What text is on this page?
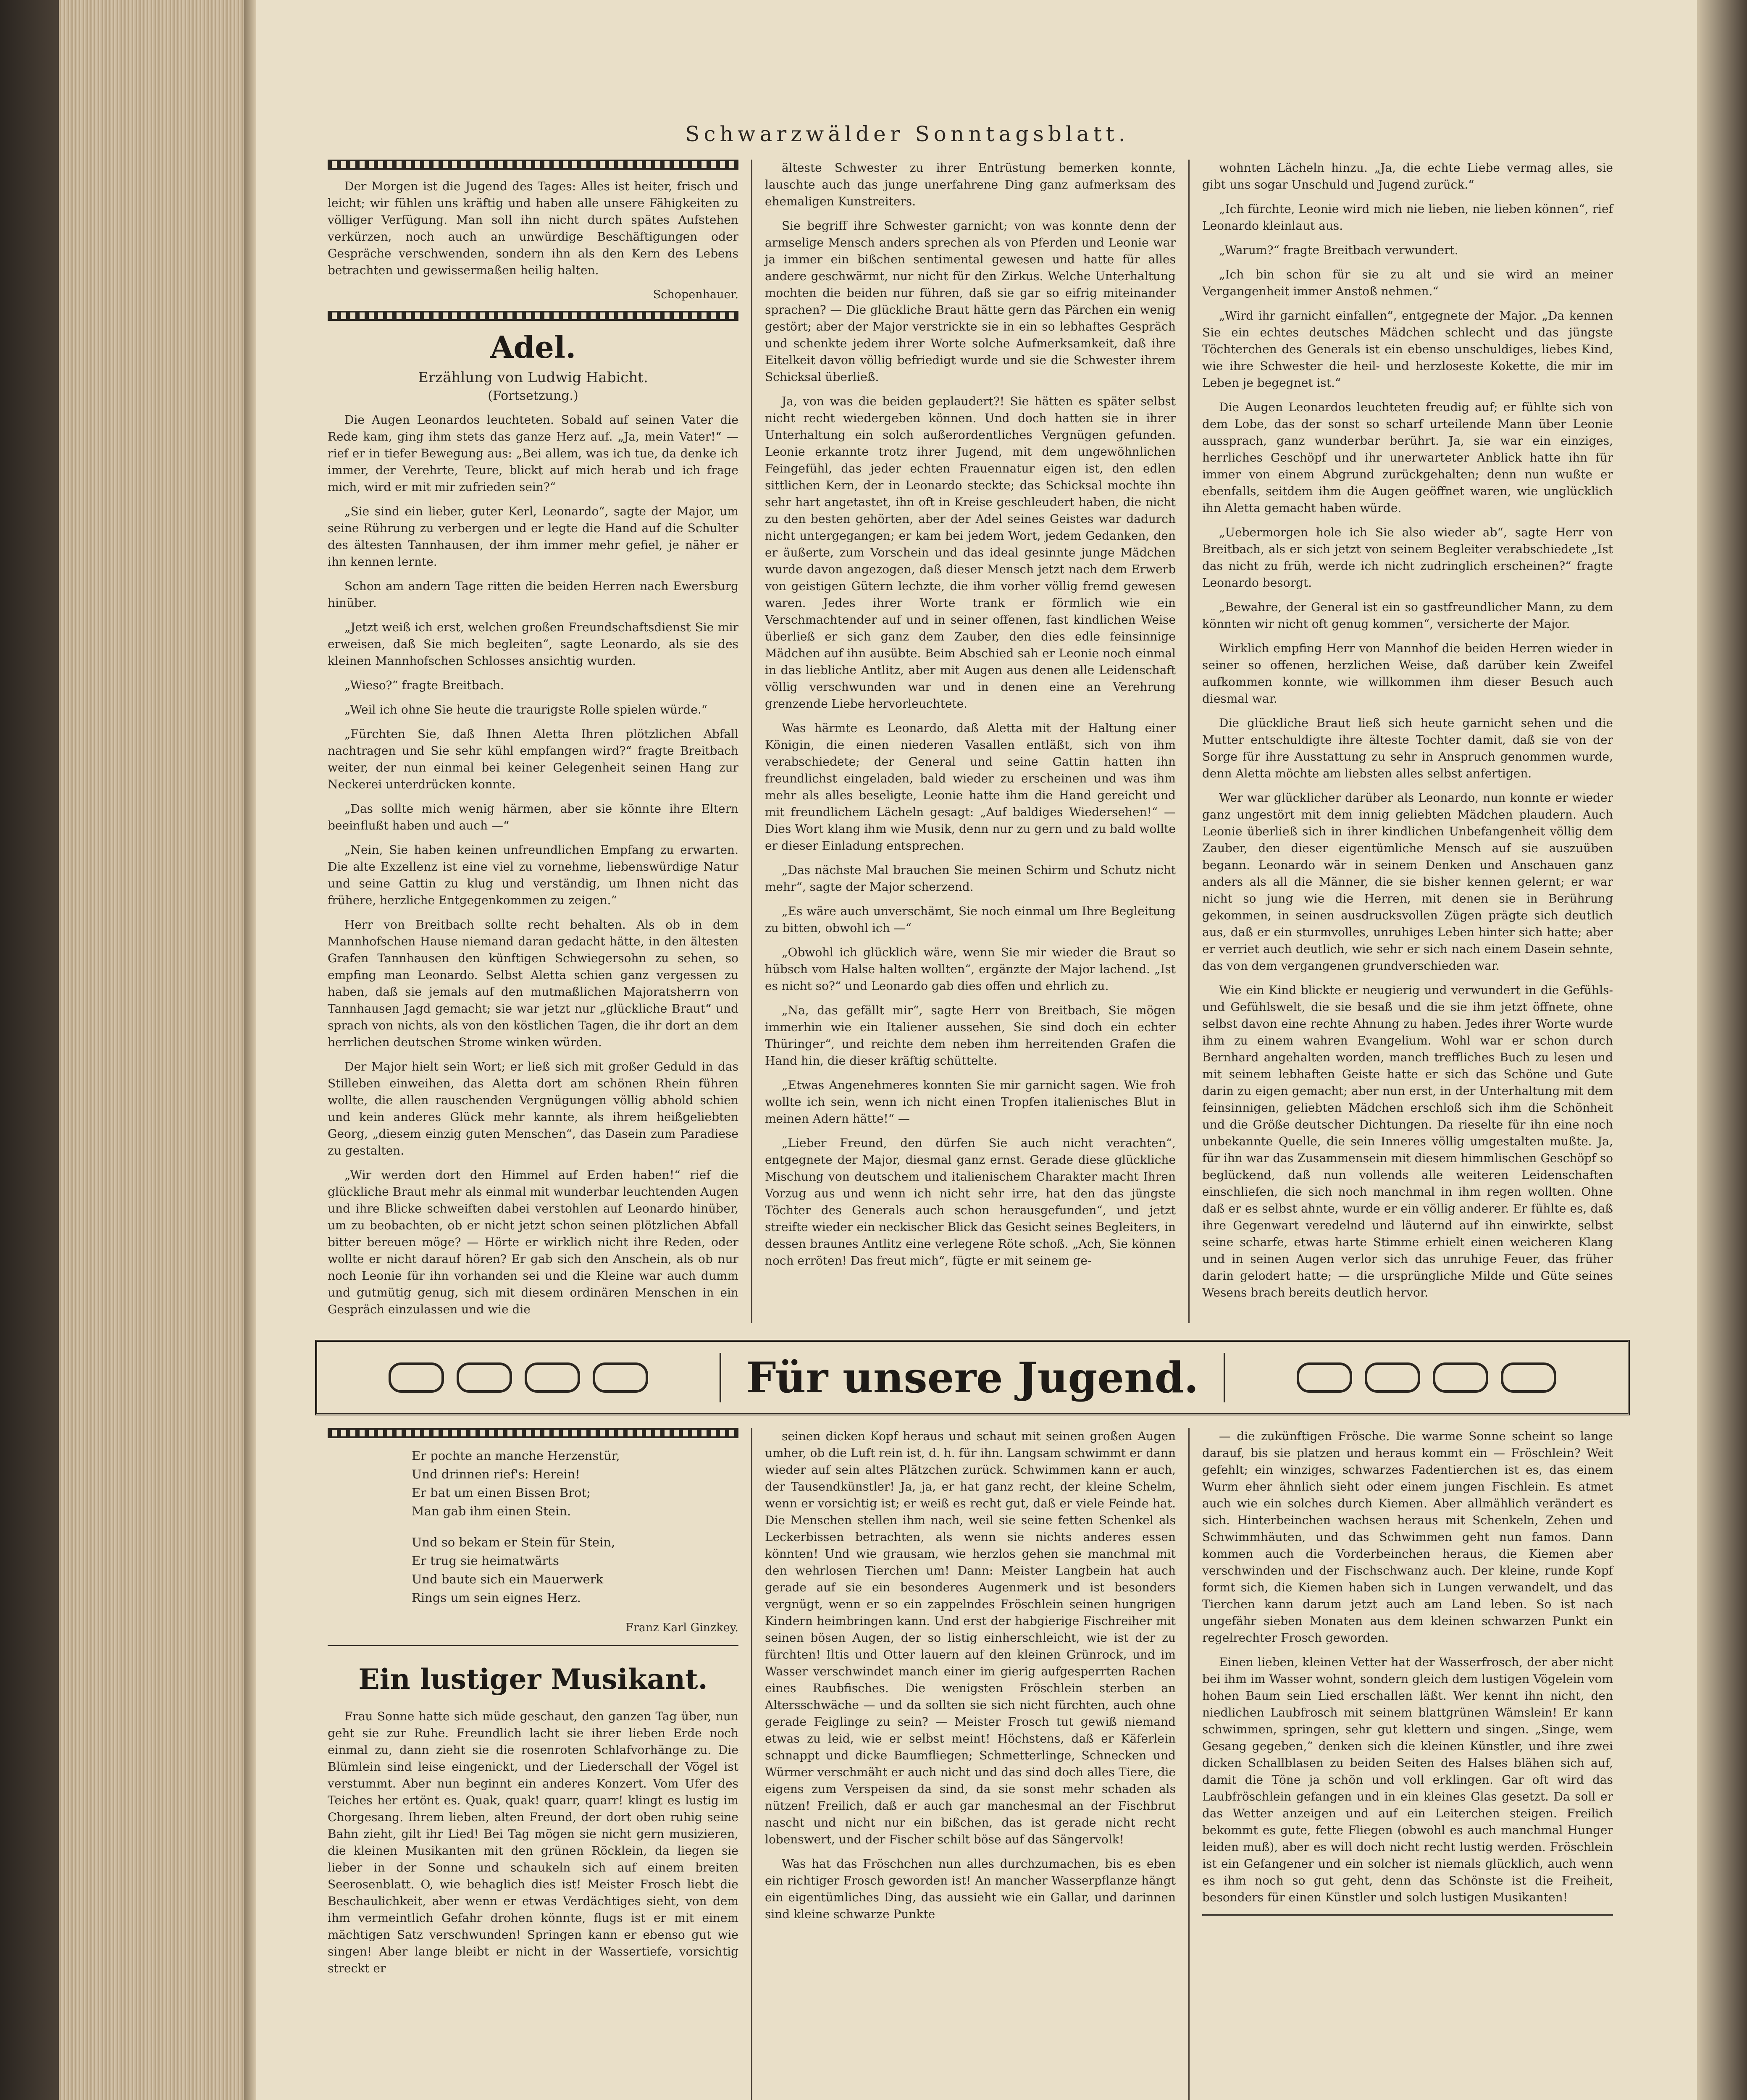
Schwarzwälder Sonntagsblatt.

Der Morgen ist die Jugend des Tages: Alles ist heiter, frisch und leicht; wir fühlen uns kräftig und haben alle unsere Fähigkeiten zu völliger Verfügung. Man soll ihn nicht durch spätes Aufstehen verkürzen, noch auch an unwürdige Beschäftigungen oder Gespräche verschwenden, sondern ihn als den Kern des Lebens betrachten und gewissermaßen heilig halten.

Schopenhauer.

Adel.
Erzählung von Ludwig Habicht.
(Fortsetzung.)

Die Augen Leonardos leuchteten. Sobald auf seinen Vater die Rede kam, ging ihm stets das ganze Herz auf. „Ja, mein Vater!“ — rief er in tiefer Bewegung aus: „Bei allem, was ich tue, da denke ich immer, der Verehrte, Teure, blickt auf mich herab und ich frage mich, wird er mit mir zufrieden sein?“

„Sie sind ein lieber, guter Kerl, Leonardo“, sagte der Major, um seine Rührung zu verbergen und er legte die Hand auf die Schulter des ältesten Tannhausen, der ihm immer mehr gefiel, je näher er ihn kennen lernte.

Schon am andern Tage ritten die beiden Herren nach Ewersburg hinüber.

„Jetzt weiß ich erst, welchen großen Freundschaftsdienst Sie mir erweisen, daß Sie mich begleiten“, sagte Leonardo, als sie des kleinen Mannhofschen Schlosses ansichtig wurden.

„Wieso?“ fragte Breitbach.

„Weil ich ohne Sie heute die traurigste Rolle spielen würde.“

„Fürchten Sie, daß Ihnen Aletta Ihren plötzlichen Abfall nachtragen und Sie sehr kühl empfangen wird?“ fragte Breitbach weiter, der nun einmal bei keiner Gelegenheit seinen Hang zur Neckerei unterdrücken konnte.

„Das sollte mich wenig härmen, aber sie könnte ihre Eltern beeinflußt haben und auch —“

„Nein, Sie haben keinen unfreundlichen Empfang zu erwarten. Die alte Exzellenz ist eine viel zu vornehme, liebenswürdige Natur und seine Gattin zu klug und verständig, um Ihnen nicht das frühere, herzliche Entgegenkommen zu zeigen.“

Herr von Breitbach sollte recht behalten. Als ob in dem Mannhofschen Hause niemand daran gedacht hätte, in den ältesten Grafen Tannhausen den künftigen Schwiegersohn zu sehen, so empfing man Leonardo. Selbst Aletta schien ganz vergessen zu haben, daß sie jemals auf den mutmaßlichen Majoratsherrn von Tannhausen Jagd gemacht; sie war jetzt nur „glückliche Braut“ und sprach von nichts, als von den köstlichen Tagen, die ihr dort an dem herrlichen deutschen Strome winken würden.

Der Major hielt sein Wort; er ließ sich mit großer Geduld in das Stilleben einweihen, das Aletta dort am schönen Rhein führen wollte, die allen rauschenden Vergnügungen völlig abhold schien und kein anderes Glück mehr kannte, als ihrem heißgeliebten Georg, „diesem einzig guten Menschen“, das Dasein zum Paradiese zu gestalten.

„Wir werden dort den Himmel auf Erden haben!“ rief die glückliche Braut mehr als einmal mit wunderbar leuchtenden Augen und ihre Blicke schweiften dabei verstohlen auf Leonardo hinüber, um zu beobachten, ob er nicht jetzt schon seinen plötzlichen Abfall bitter bereuen möge? — Hörte er wirklich nicht ihre Reden, oder wollte er nicht darauf hören? Er gab sich den Anschein, als ob nur noch Leonie für ihn vorhanden sei und die Kleine war auch dumm und gutmütig genug, sich mit diesem ordinären Menschen in ein Gespräch einzulassen und wie die

älteste Schwester zu ihrer Entrüstung bemerken konnte, lauschte auch das junge unerfahrene Ding ganz aufmerksam des ehemaligen Kunstreiters.

Sie begriff ihre Schwester garnicht; von was konnte denn der armselige Mensch anders sprechen als von Pferden und Leonie war ja immer ein bißchen sentimental gewesen und hatte für alles andere geschwärmt, nur nicht für den Zirkus. Welche Unterhaltung mochten die beiden nur führen, daß sie gar so eifrig miteinander sprachen? — Die glückliche Braut hätte gern das Pärchen ein wenig gestört; aber der Major verstrickte sie in ein so lebhaftes Gespräch und schenkte jedem ihrer Worte solche Aufmerksamkeit, daß ihre Eitelkeit davon völlig befriedigt wurde und sie die Schwester ihrem Schicksal überließ.

Ja, von was die beiden geplaudert?! Sie hätten es später selbst nicht recht wiedergeben können. Und doch hatten sie in ihrer Unterhaltung ein solch außerordentliches Vergnügen gefunden. Leonie erkannte trotz ihrer Jugend, mit dem ungewöhnlichen Feingefühl, das jeder echten Frauennatur eigen ist, den edlen sittlichen Kern, der in Leonardo steckte; das Schicksal mochte ihn sehr hart angetastet, ihn oft in Kreise geschleudert haben, die nicht zu den besten gehörten, aber der Adel seines Geistes war dadurch nicht untergegangen; er kam bei jedem Wort, jedem Gedanken, den er äußerte, zum Vorschein und das ideal gesinnte junge Mädchen wurde davon angezogen, daß dieser Mensch jetzt nach dem Erwerb von geistigen Gütern lechzte, die ihm vorher völlig fremd gewesen waren. Jedes ihrer Worte trank er förmlich wie ein Verschmachtender auf und in seiner offenen, fast kindlichen Weise überließ er sich ganz dem Zauber, den dies edle feinsinnige Mädchen auf ihn ausübte. Beim Abschied sah er Leonie noch einmal in das liebliche Antlitz, aber mit Augen aus denen alle Leidenschaft völlig verschwunden war und in denen eine an Verehrung grenzende Liebe hervorleuchtete.

Was härmte es Leonardo, daß Aletta mit der Haltung einer Königin, die einen niederen Vasallen entläßt, sich von ihm verabschiedete; der General und seine Gattin hatten ihn freundlichst eingeladen, bald wieder zu erscheinen und was ihm mehr als alles beseligte, Leonie hatte ihm die Hand gereicht und mit freundlichem Lächeln gesagt: „Auf baldiges Wiedersehen!“ — Dies Wort klang ihm wie Musik, denn nur zu gern und zu bald wollte er dieser Einladung entsprechen.

„Das nächste Mal brauchen Sie meinen Schirm und Schutz nicht mehr“, sagte der Major scherzend.

„Es wäre auch unverschämt, Sie noch einmal um Ihre Begleitung zu bitten, obwohl ich —“

„Obwohl ich glücklich wäre, wenn Sie mir wieder die Braut so hübsch vom Halse halten wollten“, ergänzte der Major lachend. „Ist es nicht so?“ und Leonardo gab dies offen und ehrlich zu.

„Na, das gefällt mir“, sagte Herr von Breitbach, Sie mögen immerhin wie ein Italiener aussehen, Sie sind doch ein echter Thüringer“, und reichte dem neben ihm herreitenden Grafen die Hand hin, die dieser kräftig schüttelte.

„Etwas Angenehmeres konnten Sie mir garnicht sagen. Wie froh wollte ich sein, wenn ich nicht einen Tropfen italienisches Blut in meinen Adern hätte!“ —

„Lieber Freund, den dürfen Sie auch nicht verachten“, entgegnete der Major, diesmal ganz ernst. Gerade diese glückliche Mischung von deutschem und italienischem Charakter macht Ihren Vorzug aus und wenn ich nicht sehr irre, hat den das jüngste Töchter des Generals auch schon herausgefunden“, und jetzt streifte wieder ein neckischer Blick das Gesicht seines Begleiters, in dessen braunes Antlitz eine verlegene Röte schoß. „Ach, Sie können noch erröten! Das freut mich“, fügte er mit seinem ge-

wohnten Lächeln hinzu. „Ja, die echte Liebe vermag alles, sie gibt uns sogar Unschuld und Jugend zurück.“

„Ich fürchte, Leonie wird mich nie lieben, nie lieben können“, rief Leonardo kleinlaut aus.

„Warum?“ fragte Breitbach verwundert.

„Ich bin schon für sie zu alt und sie wird an meiner Vergangenheit immer Anstoß nehmen.“

„Wird ihr garnicht einfallen“, entgegnete der Major. „Da kennen Sie ein echtes deutsches Mädchen schlecht und das jüngste Töchterchen des Generals ist ein ebenso unschuldiges, liebes Kind, wie ihre Schwester die heil- und herzloseste Kokette, die mir im Leben je begegnet ist.“

Die Augen Leonardos leuchteten freudig auf; er fühlte sich von dem Lobe, das der sonst so scharf urteilende Mann über Leonie aussprach, ganz wunderbar berührt. Ja, sie war ein einziges, herrliches Geschöpf und ihr unerwarteter Anblick hatte ihn für immer von einem Abgrund zurückgehalten; denn nun wußte er ebenfalls, seitdem ihm die Augen geöffnet waren, wie unglücklich ihn Aletta gemacht haben würde.

„Uebermorgen hole ich Sie also wieder ab“, sagte Herr von Breitbach, als er sich jetzt von seinem Begleiter verabschiedete „Ist das nicht zu früh, werde ich nicht zudringlich erscheinen?“ fragte Leonardo besorgt.

„Bewahre, der General ist ein so gastfreundlicher Mann, zu dem könnten wir nicht oft genug kommen“, versicherte der Major.

Wirklich empfing Herr von Mannhof die beiden Herren wieder in seiner so offenen, herzlichen Weise, daß darüber kein Zweifel aufkommen konnte, wie willkommen ihm dieser Besuch auch diesmal war.

Die glückliche Braut ließ sich heute garnicht sehen und die Mutter entschuldigte ihre älteste Tochter damit, daß sie von der Sorge für ihre Ausstattung zu sehr in Anspruch genommen wurde, denn Aletta möchte am liebsten alles selbst anfertigen.

Wer war glücklicher darüber als Leonardo, nun konnte er wieder ganz ungestört mit dem innig geliebten Mädchen plaudern. Auch Leonie überließ sich in ihrer kindlichen Unbefangenheit völlig dem Zauber, den dieser eigentümliche Mensch auf sie auszuüben begann. Leonardo wär in seinem Denken und Anschauen ganz anders als all die Männer, die sie bisher kennen gelernt; er war nicht so jung wie die Herren, mit denen sie in Berührung gekommen, in seinen ausdrucksvollen Zügen prägte sich deutlich aus, daß er ein sturmvolles, unruhiges Leben hinter sich hatte; aber er verriet auch deutlich, wie sehr er sich nach einem Dasein sehnte, das von dem vergangenen grundverschieden war.

Wie ein Kind blickte er neugierig und verwundert in die Gefühls- und Gefühlswelt, die sie besaß und die sie ihm jetzt öffnete, ohne selbst davon eine rechte Ahnung zu haben. Jedes ihrer Worte wurde ihm zu einem wahren Evangelium. Wohl war er schon durch Bernhard angehalten worden, manch treffliches Buch zu lesen und mit seinem lebhaften Geiste hatte er sich das Schöne und Gute darin zu eigen gemacht; aber nun erst, in der Unterhaltung mit dem feinsinnigen, geliebten Mädchen erschloß sich ihm die Schönheit und die Größe deutscher Dichtungen. Da rieselte für ihn eine noch unbekannte Quelle, die sein Inneres völlig umgestalten mußte. Ja, für ihn war das Zusammensein mit diesem himmlischen Geschöpf so beglückend, daß nun vollends alle weiteren Leidenschaften einschliefen, die sich noch manchmal in ihm regen wollten. Ohne daß er es selbst ahnte, wurde er ein völlig anderer. Er fühlte es, daß ihre Gegenwart veredelnd und läuternd auf ihn einwirkte, selbst seine scharfe, etwas harte Stimme erhielt einen weicheren Klang und in seinen Augen verlor sich das unruhige Feuer, das früher darin gelodert hatte; — die ursprüngliche Milde und Güte seines Wesens brach bereits deutlich hervor.

Für unsere Jugend.
Er pochte an manche Herzenstür,
Und drinnen rief's: Herein!
Er bat um einen Bissen Brot;
Man gab ihm einen Stein.
Und so bekam er Stein für Stein,
Er trug sie heimatwärts
Und baute sich ein Mauerwerk
Rings um sein eignes Herz.

Franz Karl Ginzkey.

Ein lustiger Musikant.

Frau Sonne hatte sich müde geschaut, den ganzen Tag über, nun geht sie zur Ruhe. Freundlich lacht sie ihrer lieben Erde noch einmal zu, dann zieht sie die rosenroten Schlafvorhänge zu. Die Blümlein sind leise eingenickt, und der Liederschall der Vögel ist verstummt. Aber nun beginnt ein anderes Konzert. Vom Ufer des Teiches her ertönt es. Quak, quak! quarr, quarr! klingt es lustig im Chorgesang. Ihrem lieben, alten Freund, der dort oben ruhig seine Bahn zieht, gilt ihr Lied! Bei Tag mögen sie nicht gern musizieren, die kleinen Musikanten mit den grünen Röcklein, da liegen sie lieber in der Sonne und schaukeln sich auf einem breiten Seerosenblatt. O, wie behaglich dies ist! Meister Frosch liebt die Beschaulichkeit, aber wenn er etwas Verdächtiges sieht, von dem ihm vermeintlich Gefahr drohen könnte, flugs ist er mit einem mächtigen Satz verschwunden! Springen kann er ebenso gut wie singen! Aber lange bleibt er nicht in der Wassertiefe, vorsichtig streckt er

seinen dicken Kopf heraus und schaut mit seinen großen Augen umher, ob die Luft rein ist, d. h. für ihn. Langsam schwimmt er dann wieder auf sein altes Plätzchen zurück. Schwimmen kann er auch, der Tausendkünstler! Ja, ja, er hat ganz recht, der kleine Schelm, wenn er vorsichtig ist; er weiß es recht gut, daß er viele Feinde hat. Die Menschen stellen ihm nach, weil sie seine fetten Schenkel als Leckerbissen betrachten, als wenn sie nichts anderes essen könnten! Und wie grausam, wie herzlos gehen sie manchmal mit den wehrlosen Tierchen um! Dann: Meister Langbein hat auch gerade auf sie ein besonderes Augenmerk und ist besonders vergnügt, wenn er so ein zappelndes Fröschlein seinen hungrigen Kindern heimbringen kann. Und erst der habgierige Fischreiher mit seinen bösen Augen, der so listig einherschleicht, wie ist der zu fürchten! Iltis und Otter lauern auf den kleinen Grünrock, und im Wasser verschwindet manch einer im gierig aufgesperrten Rachen eines Raubfisches. Die wenigsten Fröschlein sterben an Altersschwäche — und da sollten sie sich nicht fürchten, auch ohne gerade Feiglinge zu sein? — Meister Frosch tut gewiß niemand etwas zu leid, wie er selbst meint! Höchstens, daß er Käferlein schnappt und dicke Baumfliegen; Schmetterlinge, Schnecken und Würmer verschmäht er auch nicht und das sind doch alles Tiere, die eigens zum Verspeisen da sind, da sie sonst mehr schaden als nützen! Freilich, daß er auch gar manchesmal an der Fischbrut nascht und nicht nur ein bißchen, das ist gerade nicht recht lobenswert, und der Fischer schilt böse auf das Sängervolk!

Was hat das Fröschchen nun alles durchzumachen, bis es eben ein richtiger Frosch geworden ist! An mancher Wasserpflanze hängt ein eigentümliches Ding, das aussieht wie ein Gallar, und darinnen sind kleine schwarze Punkte

— die zukünftigen Frösche. Die warme Sonne scheint so lange darauf, bis sie platzen und heraus kommt ein — Fröschlein? Weit gefehlt; ein winziges, schwarzes Fadentierchen ist es, das einem Wurm eher ähnlich sieht oder einem jungen Fischlein. Es atmet auch wie ein solches durch Kiemen. Aber allmählich verändert es sich. Hinterbeinchen wachsen heraus mit Schenkeln, Zehen und Schwimmhäuten, und das Schwimmen geht nun famos. Dann kommen auch die Vorderbeinchen heraus, die Kiemen aber verschwinden und der Fischschwanz auch. Der kleine, runde Kopf formt sich, die Kiemen haben sich in Lungen verwandelt, und das Tierchen kann darum jetzt auch am Land leben. So ist nach ungefähr sieben Monaten aus dem kleinen schwarzen Punkt ein regelrechter Frosch geworden.

Einen lieben, kleinen Vetter hat der Wasserfrosch, der aber nicht bei ihm im Wasser wohnt, sondern gleich dem lustigen Vögelein vom hohen Baum sein Lied erschallen läßt. Wer kennt ihn nicht, den niedlichen Laubfrosch mit seinem blattgrünen Wämslein! Er kann schwimmen, springen, sehr gut klettern und singen. „Singe, wem Gesang gegeben,“ denken sich die kleinen Künstler, und ihre zwei dicken Schallblasen zu beiden Seiten des Halses blähen sich auf, damit die Töne ja schön und voll erklingen. Gar oft wird das Laubfröschlein gefangen und in ein kleines Glas gesetzt. Da soll er das Wetter anzeigen und auf ein Leiterchen steigen. Freilich bekommt es gute, fette Fliegen (obwohl es auch manchmal Hunger leiden muß), aber es will doch nicht recht lustig werden. Fröschlein ist ein Gefangener und ein solcher ist niemals glücklich, auch wenn es ihm noch so gut geht, denn das Schönste ist die Freiheit, besonders für einen Künstler und solch lustigen Musikanten!
